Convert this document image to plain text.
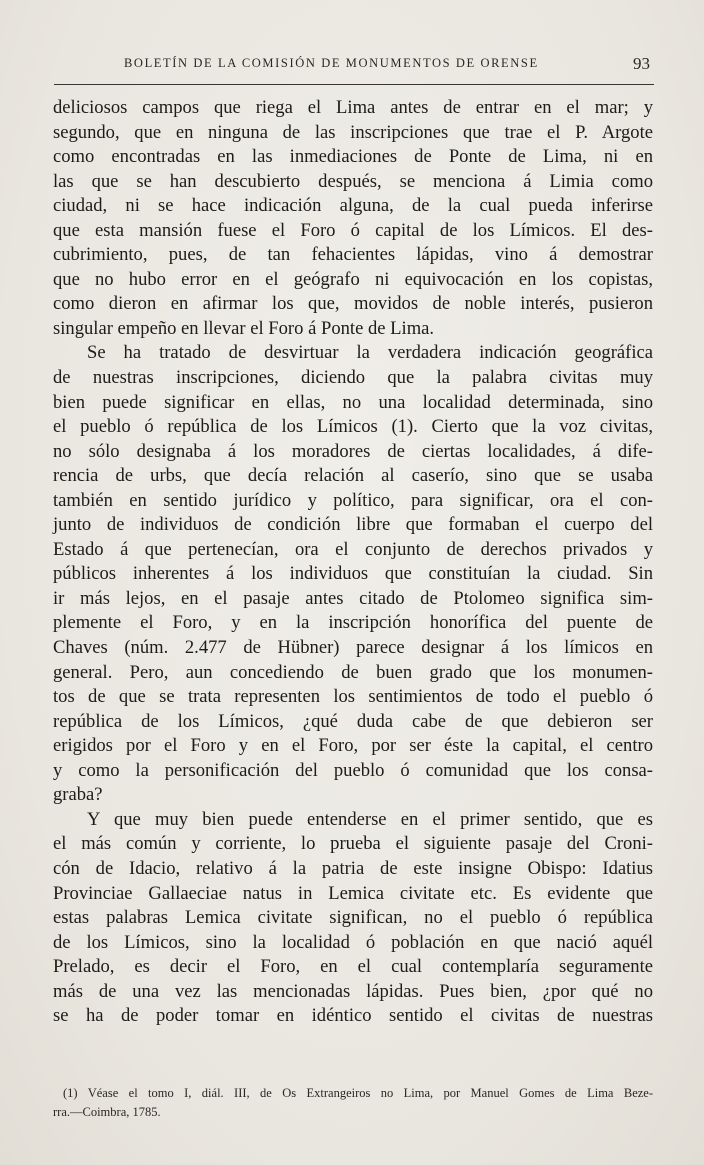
BOLETÍN DE LA COMISIÓN DE MONUMENTOS DE ORENSE	93
deliciosos campos que riega el Lima antes de entrar en el mar; y
segundo, que en ninguna de las inscripciones que trae el P. Argote
como encontradas en las inmediaciones de Ponte de Lima, ni en
las que se han descubierto después, se menciona á Limia como
ciudad, ni se hace indicación alguna, de la cual pueda inferirse
que esta mansión fuese el Foro ó capital de los Límicos. El des-
cubrimiento, pues, de tan fehacientes lápidas, vino á demostrar
que no hubo error en el geógrafo ni equivocación en los copistas,
como dieron en afirmar los que, movidos de noble interés, pusieron
singular empeño en llevar el Foro á Ponte de Lima.
Se ha tratado de desvirtuar la verdadera indicación geográfica
de nuestras inscripciones, diciendo que la palabra civitas muy
bien puede significar en ellas, no una localidad determinada, sino
el pueblo ó república de los Límicos (1). Cierto que la voz civitas,
no sólo designaba á los moradores de ciertas localidades, á dife-
rencia de urbs, que decía relación al caserío, sino que se usaba
también en sentido jurídico y político, para significar, ora el con-
junto de individuos de condición libre que formaban el cuerpo del
Estado á que pertenecían, ora el conjunto de derechos privados y
públicos inherentes á los individuos que constituían la ciudad. Sin
ir más lejos, en el pasaje antes citado de Ptolomeo significa sim-
plemente el Foro, y en la inscripción honorífica del puente de
Chaves (núm. 2.477 de Hübner) parece designar á los límicos en
general. Pero, aun concediendo de buen grado que los monumen-
tos de que se trata representen los sentimientos de todo el pueblo ó
república de los Límicos, ¿qué duda cabe de que debieron ser
erigidos por el Foro y en el Foro, por ser éste la capital, el centro
y como la personificación del pueblo ó comunidad que los consa-
graba?
Y que muy bien puede entenderse en el primer sentido, que es
el más común y corriente, lo prueba el siguiente pasaje del Croni-
cón de Idacio, relativo á la patria de este insigne Obispo: Idatius
Provinciae Gallaeciae natus in Lemica civitate etc. Es evidente que
estas palabras Lemica civitate significan, no el pueblo ó república
de los Límicos, sino la localidad ó población en que nació aquél
Prelado, es decir el Foro, en el cual contemplaría seguramente
más de una vez las mencionadas lápidas. Pues bien, ¿por qué no
se ha de poder tomar en idéntico sentido el civitas de nuestras
(1) Véase el tomo I, diál. III, de Os Extrangeiros no Lima, por Manuel Gomes de Lima Beze-
rra.—Coimbra, 1785.
